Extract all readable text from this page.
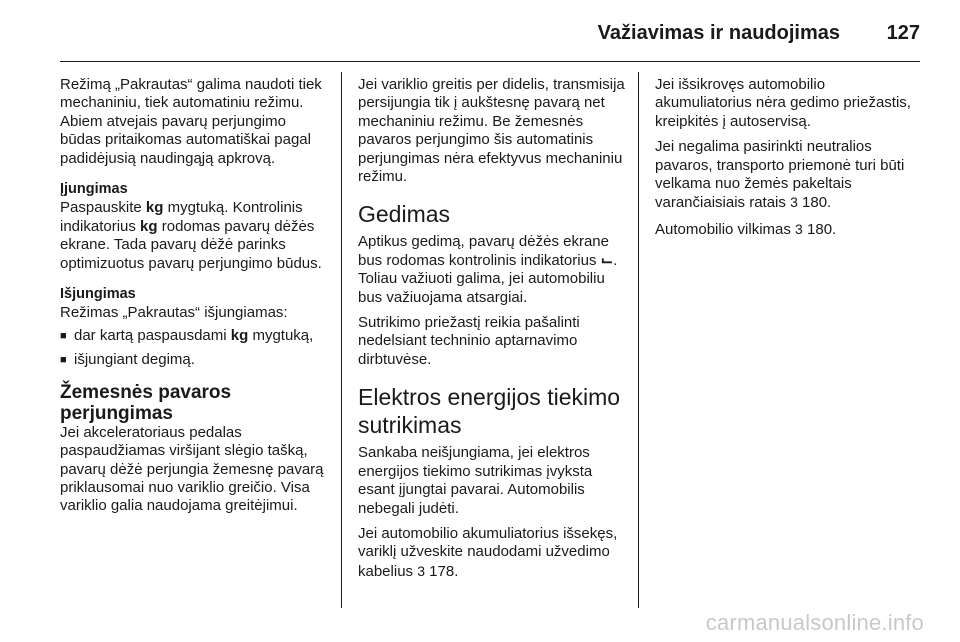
Važiavimas ir naudojimas 127

Režimą „Pakrautas“ galima naudoti tiek mechaniniu, tiek automatiniu režimu. Abiem atvejais pavarų perjungimo būdas pritaikomas automatiškai pagal padidėjusią naudingąją apkrovą.

Įjungimas

Paspauskite kg mygtuką. Kontrolinis indikatorius kg rodomas pavarų dėžės ekrane. Tada pavarų dėžė parinks optimizuotus pavarų perjungimo būdus.

Išjungimas

Režimas „Pakrautas“ išjungiamas:

■ dar kartą paspausdami kg mygtuką,
■ išjungiant degimą.
Žemesnės pavaros perjungimas

Jei akceleratoriaus pedalas paspaudžiamas viršijant slėgio tašką, pavarų dėžė perjungia žemesnę pavarą priklausomai nuo variklio greičio. Visa variklio galia naudojama greitėjimui.

Jei variklio greitis per didelis, transmisija persijungia tik į aukštesnę pavarą net mechaniniu režimu. Be žemesnės pavaros perjungimo šis automatinis perjungimas nėra efektyvus mechaniniu režimu.

Gedimas

Aptikus gedimą, pavarų dėžės ekrane bus rodomas kontrolinis indikatorius ⌙. Toliau važiuoti galima, jei automobiliu bus važiuojama atsargiai.

Sutrikimo priežastį reikia pašalinti nedelsiant techninio aptarnavimo dirbtuvėse.

Elektros energijos tiekimo sutrikimas

Sankaba neišjungiama, jei elektros energijos tiekimo sutrikimas įvyksta esant įjungtai pavarai. Automobilis nebegali judėti.

Jei automobilio akumuliatorius išsekęs, variklį užveskite naudodami užvedimo kabelius 3 178.

Jei išsikrovęs automobilio akumuliatorius nėra gedimo priežastis, kreipkitės į autoservisą.

Jei negalima pasirinkti neutralios pavaros, transporto priemonė turi būti velkama nuo žemės pakeltais varančiaisiais ratais 3 180.

Automobilio vilkimas 3 180.

carmanualsonline.info
